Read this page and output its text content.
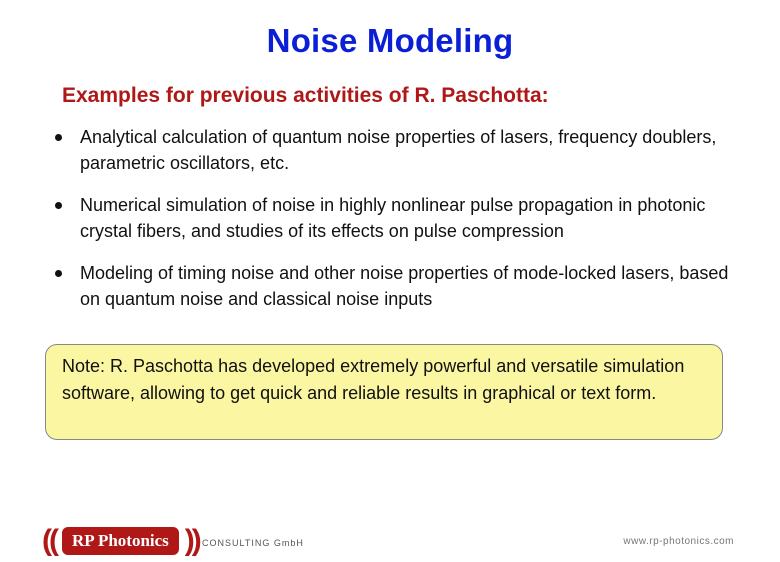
Noise Modeling
Examples for previous activities of R. Paschotta:
Analytical calculation of quantum noise properties of lasers, frequency doublers, parametric oscillators, etc.
Numerical simulation of noise in highly nonlinear pulse propagation in photonic crystal fibers, and studies of its effects on pulse compression
Modeling of timing noise and other noise properties of mode-locked lasers, based on quantum noise and classical noise inputs
Note: R. Paschotta has developed extremely powerful and versatile simulation software, allowing to get quick and reliable results in graphical or text form.
(( RP Photonics )) CONSULTING GmbH	www.rp-photonics.com
